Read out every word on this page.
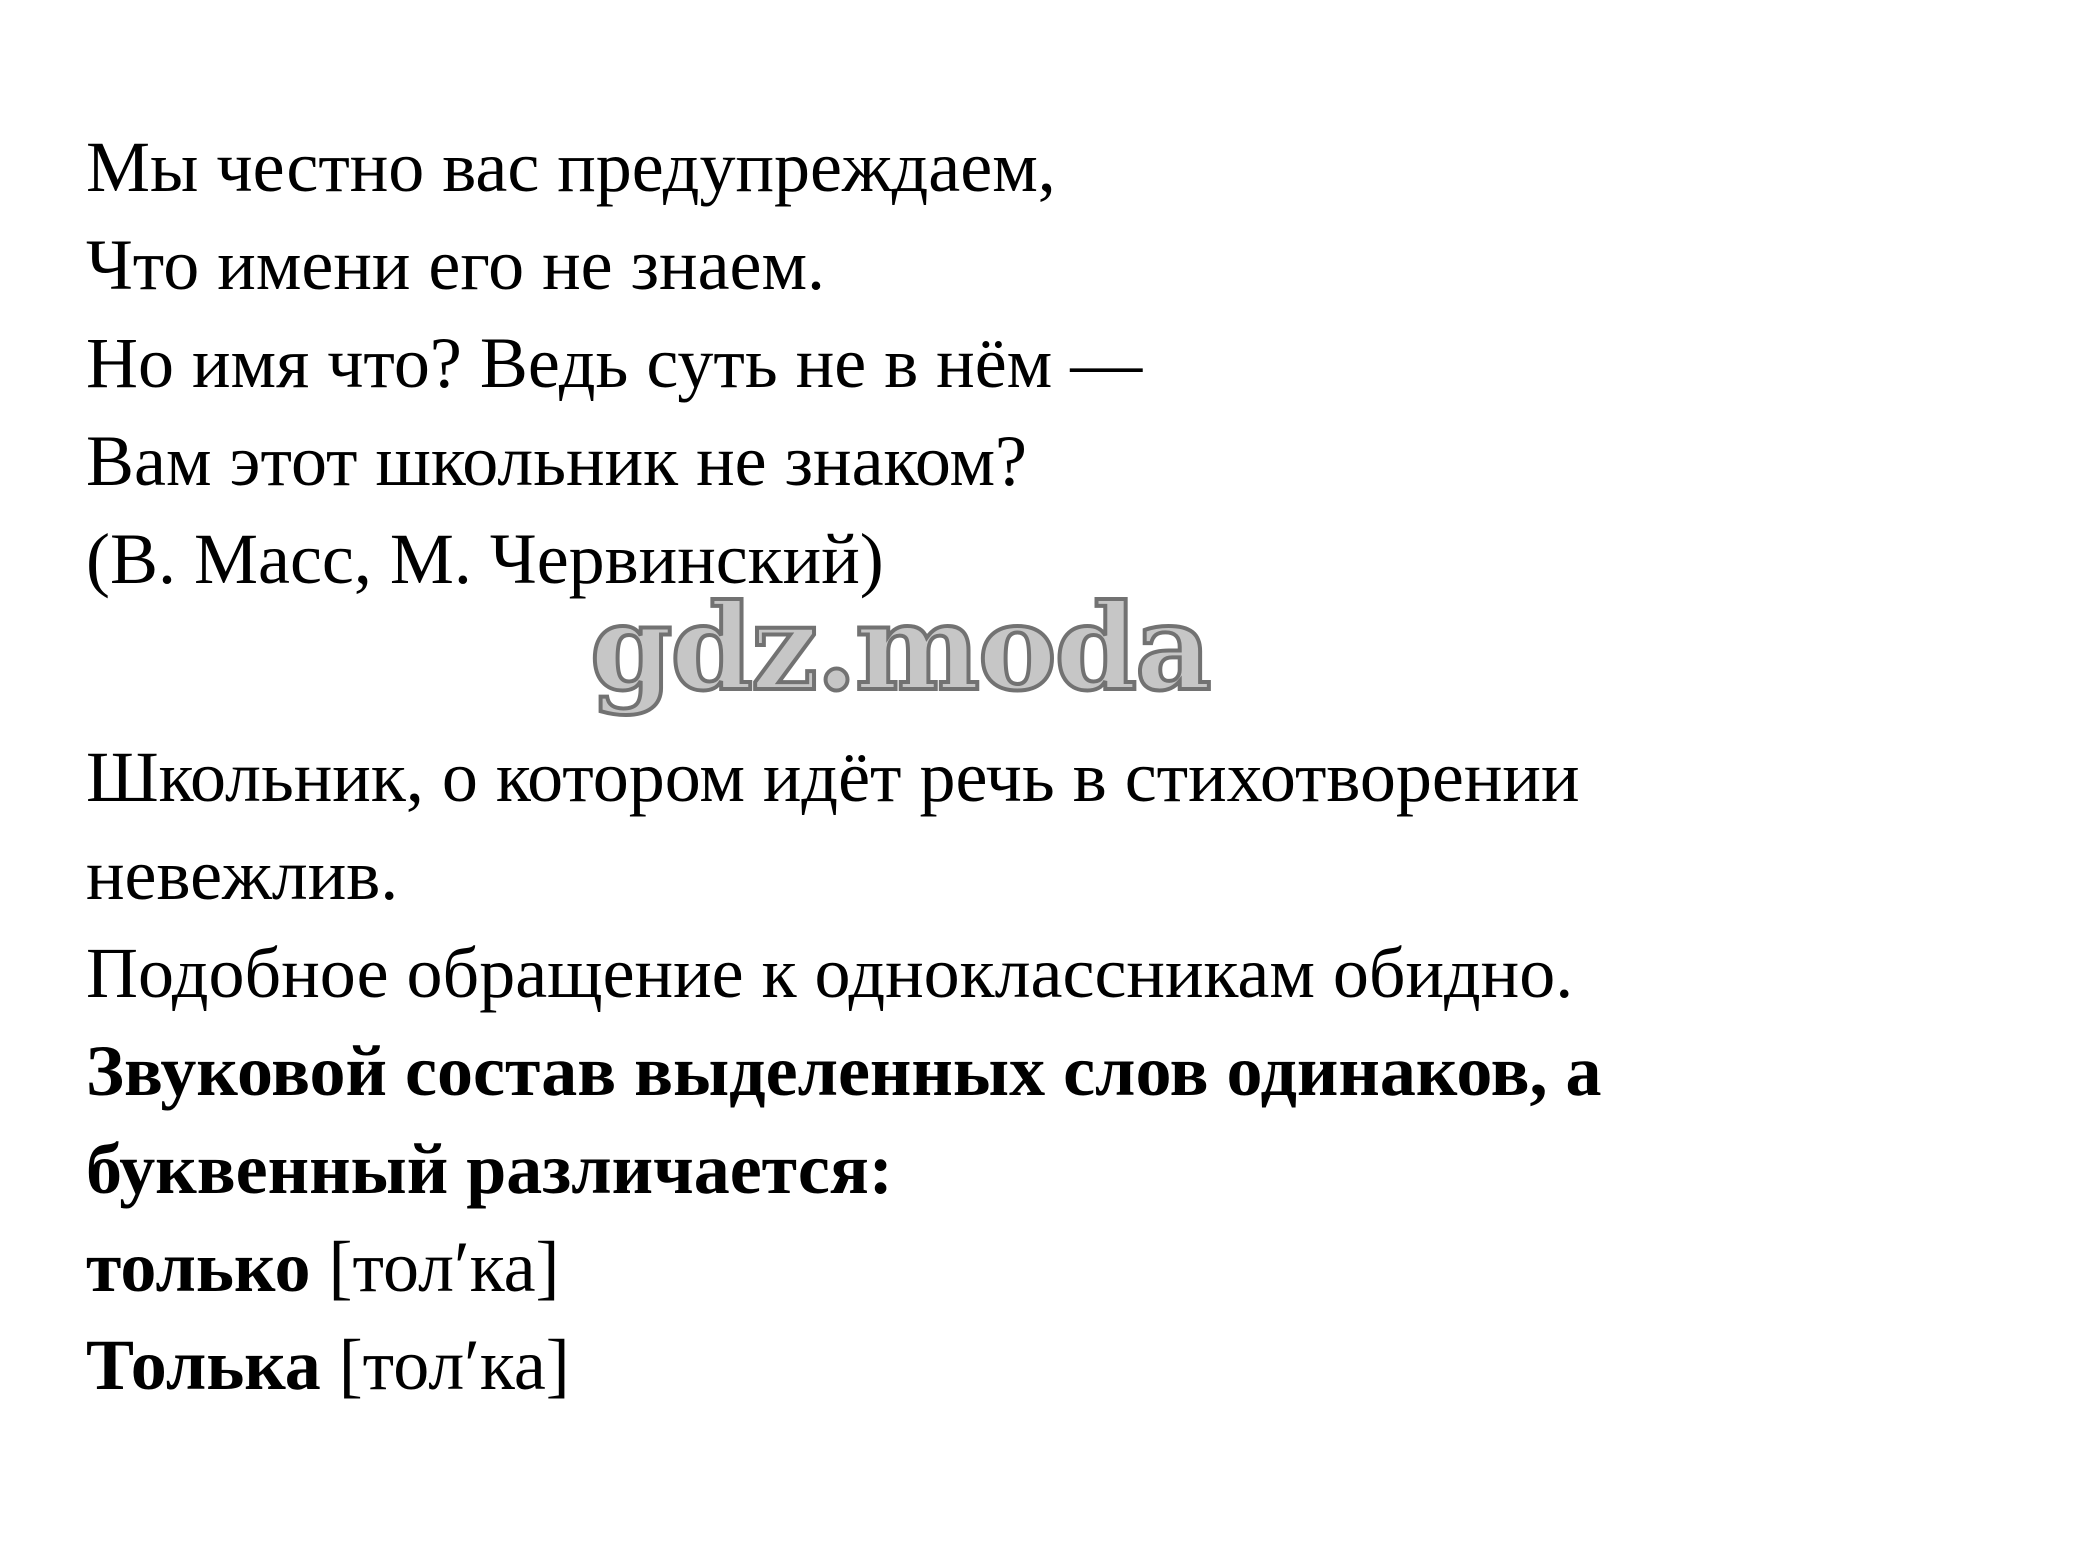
Мы честно вас предупреждаем,
Что имени его не знаем.
Но имя что? Ведь суть не в нём —
Вам этот школьник не знаком?
(В. Масс, М. Червинский)
Школьник, о котором идёт речь в стихотворении
невежлив.
Подобное обращение к одноклассникам обидно.
Звуковой состав выделенных слов одинаков, а
буквенный различается:
только [тол′ка]
Толька [тол′ка]
gdz.moda
